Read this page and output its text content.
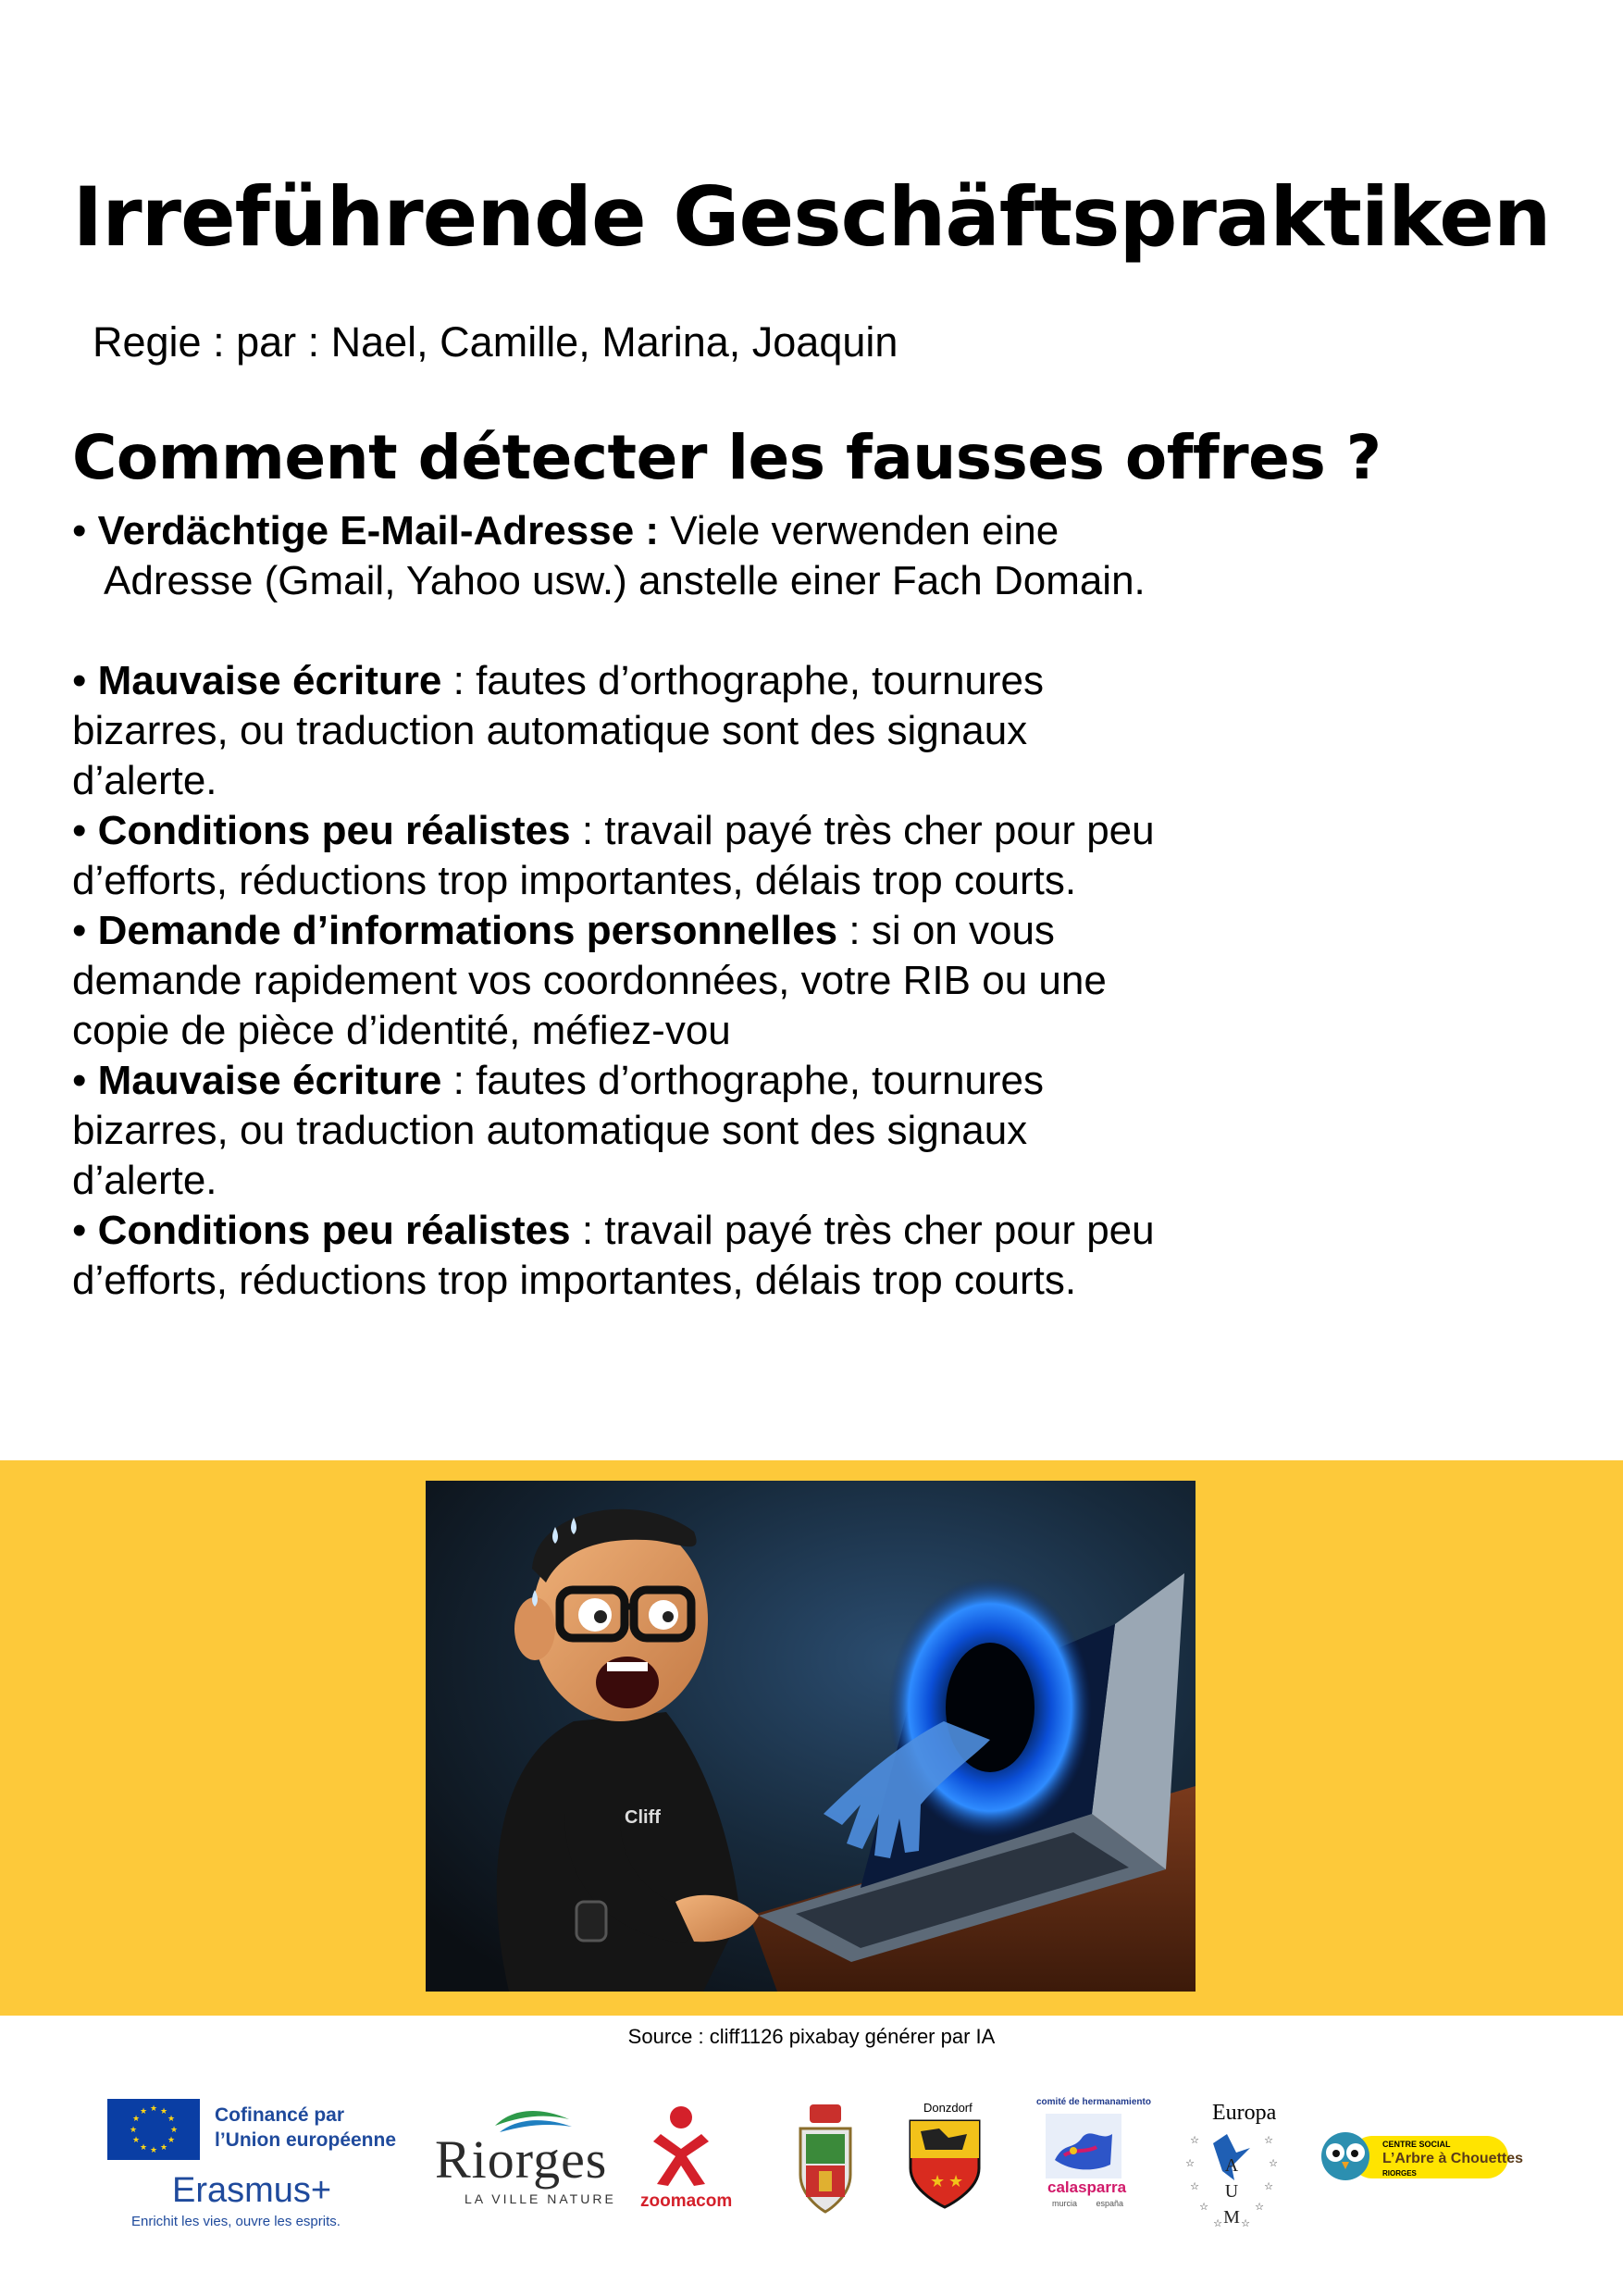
Irreführende Geschäftspraktiken

Regie : par : Nael, Camille, Marina, Joaquin

Comment détecter les fausses offres ?

• Verdächtige E-Mail-Adresse : Viele verwenden eine Adresse (Gmail, Yahoo usw.) anstelle einer Fach Domain.

• Mauvaise écriture : fautes d’orthographe, tournures bizarres, ou traduction automatique sont des signaux d’alerte.

• Conditions peu réalistes : travail payé très cher pour peu d’efforts, réductions trop importantes, délais trop courts.

• Demande d’informations personnelles : si on vous demande rapidement vos coordonnées, votre RIB ou une copie de pièce d’identité, méfiez-vou

• Mauvaise écriture : fautes d’orthographe, tournures bizarres, ou traduction automatique sont des signaux d’alerte.

• Conditions peu réalistes : travail payé très cher pour peu d’efforts, réductions trop importantes, délais trop courts.

Cliff

Source : cliff1126 pixabay générer par IA

★ ★
★
★
★
★
★
★
★
★
★
★	Cofinancé par
l’Union européenne
Erasmus+
Enrichit les vies, ouvre les esprits.
Riorges
LA VILLE NATURE zoomacom
Donzdorf
★ ★
comité de hermanamiento
calasparra
murcia españa
Europa
☆	☆
☆	☆
☆	☆
☆	☆
☆ ☆
A
U
M
CENTRE SOCIAL
L’Arbre à Chouettes
RIORGES
